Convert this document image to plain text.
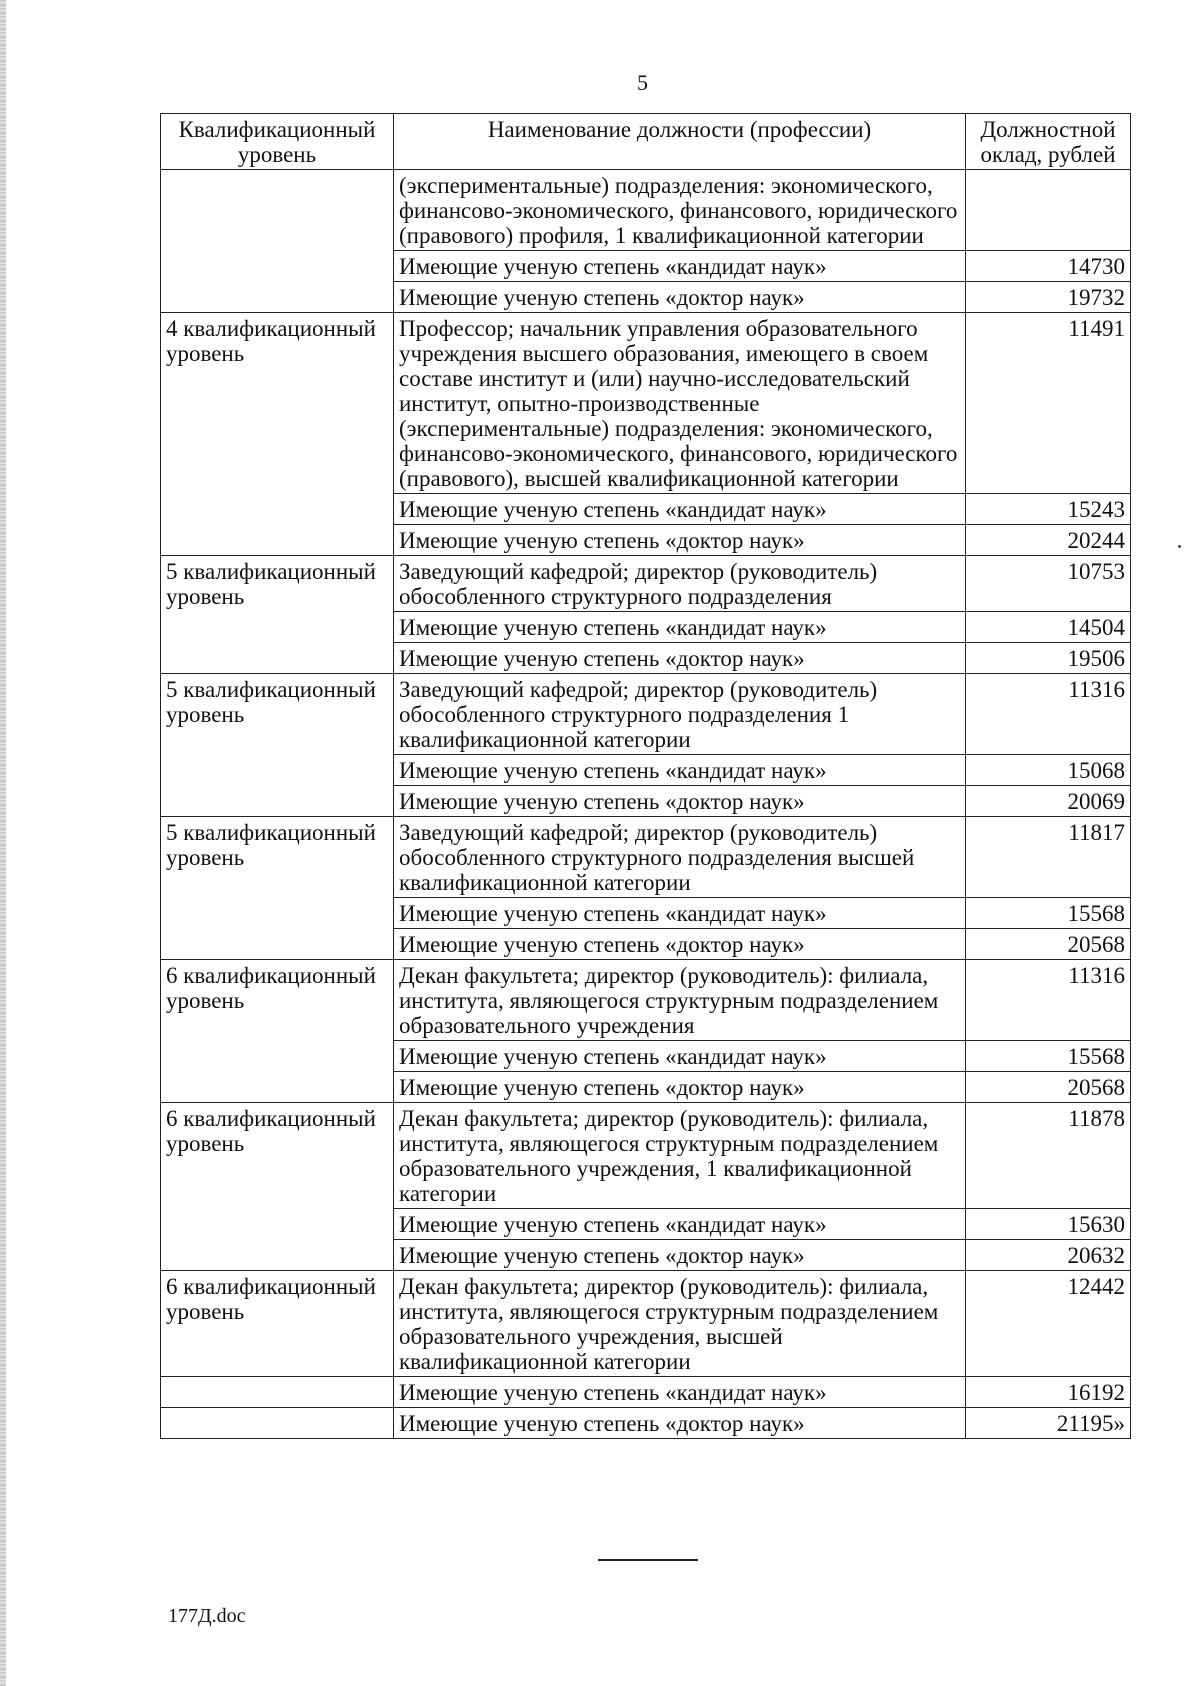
5
Квалификационный уровень	Наименование должности (профессии)	Должностной оклад, рублей
	(экспериментальные) подразделения: экономического, финансово-экономического, финансового, юридического (правового) профиля, 1 квалификационной категории	
	Имеющие ученую степень «кандидат наук»	14730
	Имеющие ученую степень «доктор наук»	19732
4 квалификационный уровень	Профессор; начальник управления образовательного учреждения высшего образования, имеющего в своем составе институт и (или) научно-исследовательский институт, опытно-производственные (экспериментальные) подразделения: экономического, финансово-экономического, финансового, юридического (правового), высшей квалификационной категории	11491
	Имеющие ученую степень «кандидат наук»	15243
	Имеющие ученую степень «доктор наук»	20244
5 квалификационный уровень	Заведующий кафедрой; директор (руководитель) обособленного структурного подразделения	10753
	Имеющие ученую степень «кандидат наук»	14504
	Имеющие ученую степень «доктор наук»	19506
5 квалификационный уровень	Заведующий кафедрой; директор (руководитель) обособленного структурного подразделения 1 квалификационной категории	11316
	Имеющие ученую степень «кандидат наук»	15068
	Имеющие ученую степень «доктор наук»	20069
5 квалификационный уровень	Заведующий кафедрой; директор (руководитель) обособленного структурного подразделения высшей квалификационной категории	11817
	Имеющие ученую степень «кандидат наук»	15568
	Имеющие ученую степень «доктор наук»	20568
6 квалификационный уровень	Декан факультета; директор (руководитель): филиала, института, являющегося структурным подразделением образовательного учреждения	11316
	Имеющие ученую степень «кандидат наук»	15568
	Имеющие ученую степень «доктор наук»	20568
6 квалификационный уровень	Декан факультета; директор (руководитель): филиала, института, являющегося структурным подразделением образовательного учреждения, 1 квалификационной категории	11878
	Имеющие ученую степень «кандидат наук»	15630
	Имеющие ученую степень «доктор наук»	20632
6 квалификационный уровень	Декан факультета; директор (руководитель): филиала, института, являющегося структурным подразделением образовательного учреждения, высшей квалификационной категории	12442
	Имеющие ученую степень «кандидат наук»	16192
	Имеющие ученую степень «доктор наук»	21195»
177Д.doc
